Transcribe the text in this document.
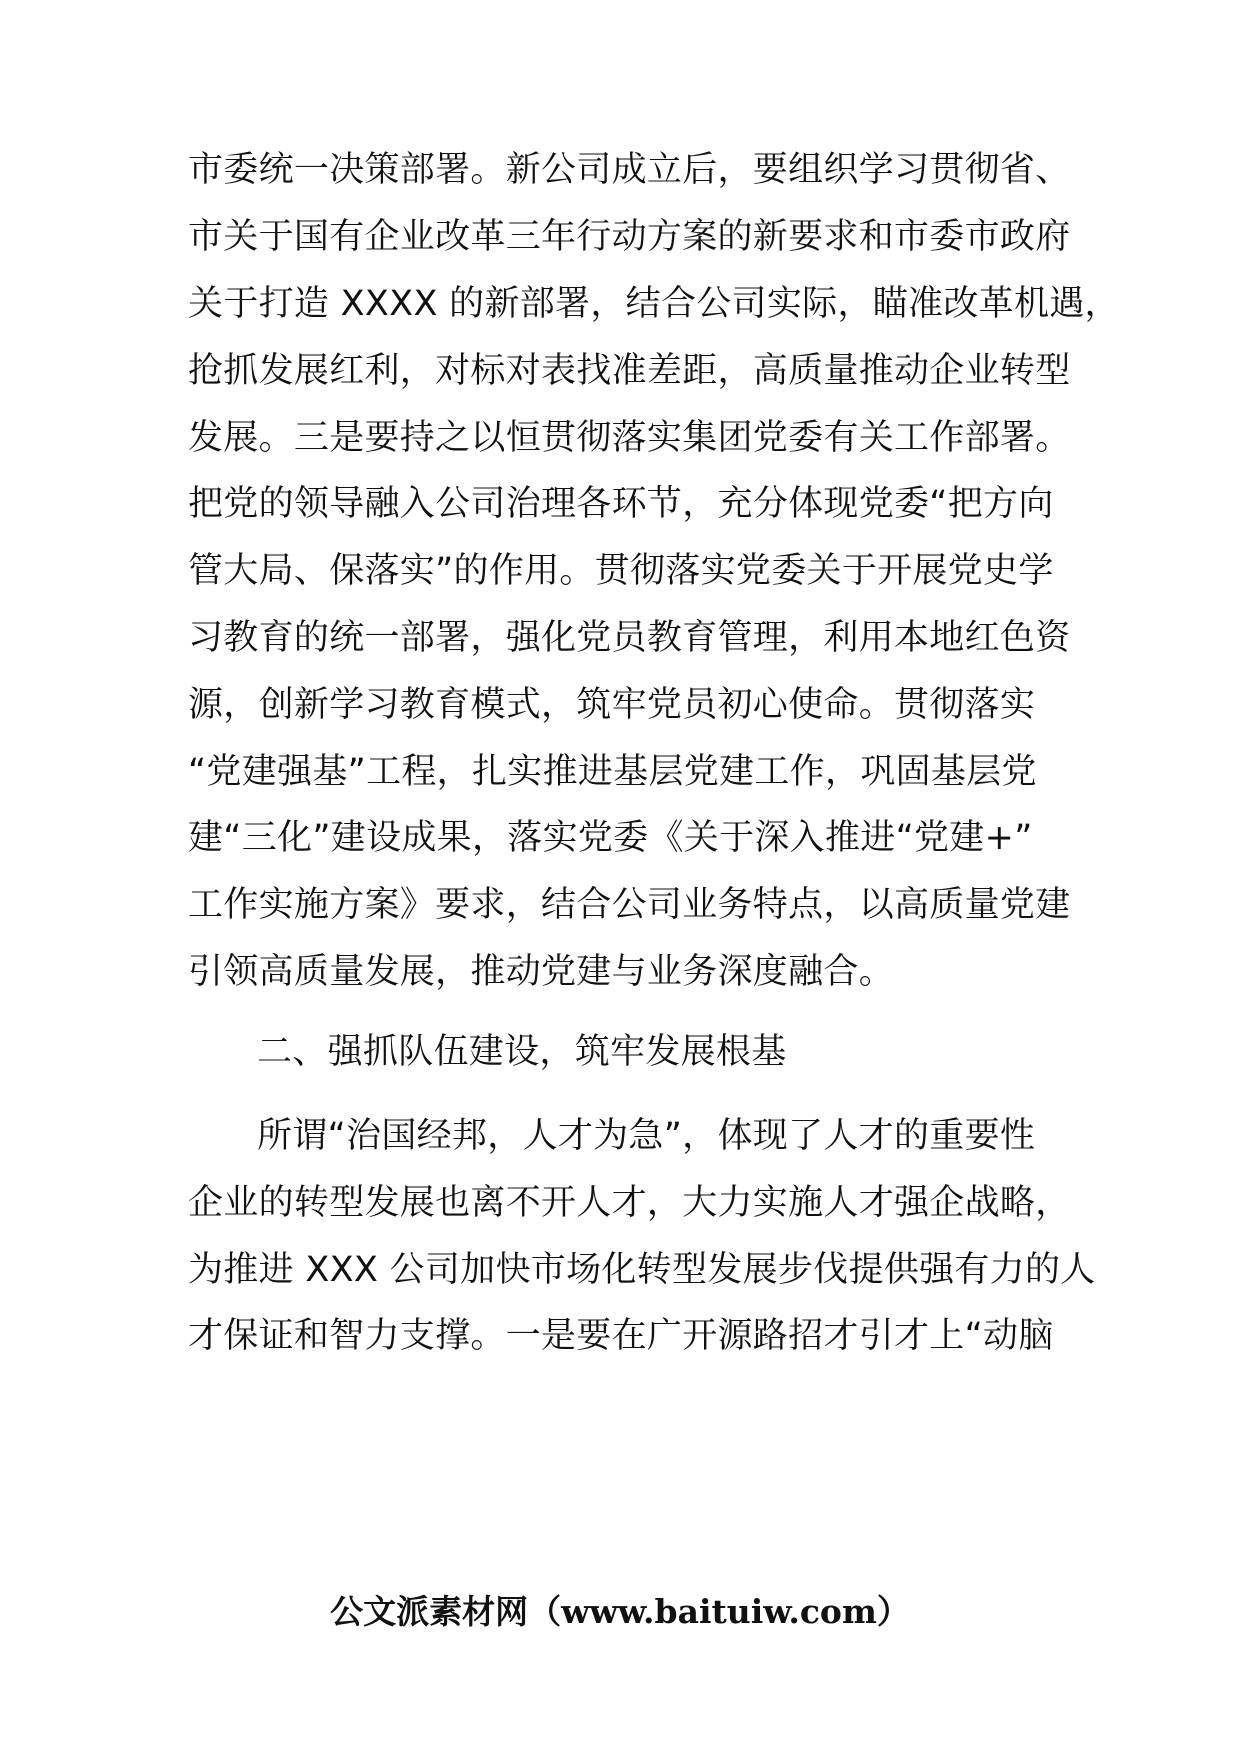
市委统一决策部署。新公司成立后，要组织学习贯彻省、
市关于国有企业改革三年行动方案的新要求和市委市政府
关于打造 XXXX 的新部署，结合公司实际，瞄准改革机遇，
抢抓发展红利，对标对表找准差距，高质量推动企业转型
发展。三是要持之以恒贯彻落实集团党委有关工作部署。
把党的领导融入公司治理各环节，充分体现党委“把方向
管大局、保落实”的作用。贯彻落实党委关于开展党史学
习教育的统一部署，强化党员教育管理，利用本地红色资
源，创新学习教育模式，筑牢党员初心使命。贯彻落实
“党建强基”工程，扎实推进基层党建工作，巩固基层党
建“三化”建设成果，落实党委《关于深入推进“党建+”
工作实施方案》要求，结合公司业务特点，以高质量党建
引领高质量发展，推动党建与业务深度融合。
二、强抓队伍建设，筑牢发展根基
所谓“治国经邦，人才为急”，体现了人才的重要性
企业的转型发展也离不开人才，大力实施人才强企战略，
为推进 XXX 公司加快市场化转型发展步伐提供强有力的人
才保证和智力支撑。一是要在广开源路招才引才上“动脑
公文派素材网（www.baituiw.com）
